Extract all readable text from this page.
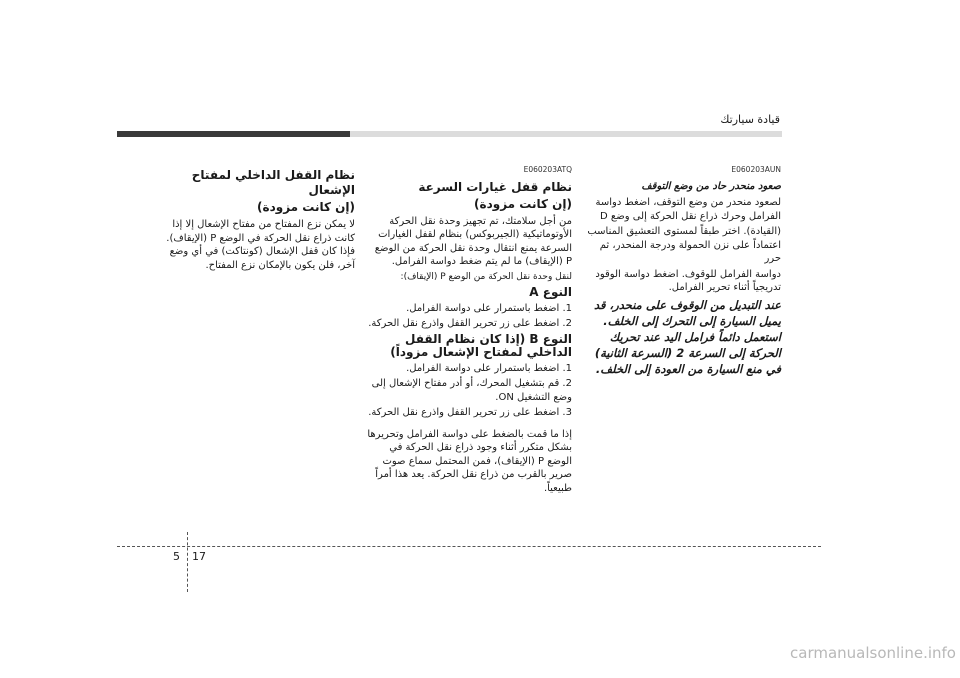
قيادة سيارتك
E060203AUN
صعود منحدر حاد من وضع التوقف

لصعود منحدر من وضع التوقف، اضغط دواسة الفرامل وحرك ذراع نقل الحركة إلى وضع D

(القيادة). اختر طبقاً لمستوى التعشيق المناسب اعتماداً على نزن الحمولة ودرجة المنحدر، ثم حرر

دواسة الفرامل للوقوف. اضغط دواسة الوقود تدريجياً أثناء تحرير الفرامل.

عند التبديل من الوقوف على منحدر، قد يميل السيارة إلى التحرك إلى الخلف. استعمل دائماً فرامل اليد عند تحريك الحركة إلى السرعة 2 (السرعة الثانية) في منع السيارة من العودة إلى الخلف.
E060203ATQ
نظام قفل غيارات السرعة
(إن كانت مزودة)

من أجل سلامتك، تم تجهيز وحدة نقل الحركة الأوتوماتيكية (الجيربوكس) بنظام لقفل الغيارات السرعة يمنع انتقال وحدة نقل الحركة من الوضع P (الإيقاف) ما لم يتم ضغط دواسة الفرامل.

لنقل وحدة نقل الحركة من الوضع P (الإيقاف):

النوع A

1. اضغط باستمرار على دواسة الفرامل.

2. اضغط على زر تحرير القفل واذرع نقل الحركة.

النوع B (إذا كان نظام القفل الداخلي لمفتاح الإشعال مزوداً)

1. اضغط باستمرار على دواسة الفرامل.

2. قم بتشغيل المحرك، أو أدر مفتاح الإشعال إلى وضع التشغيل ON.

3. اضغط على زر تحرير القفل واذرع نقل الحركة.

إذا ما قمت بالضغط على دواسة الفرامل وتحريرها بشكل متكرر أثناء وجود ذراع نقل الحركة في الوضع P (الإيقاف)، فمن المحتمل سماع صوت صرير بالقرب من ذراع نقل الحركة. يعد هذا أمراً طبيعياً.

نظام القفل الداخلي لمفتاح الإشعال
(إن كانت مزودة)

لا يمكن نزع المفتاح من مفتاح الإشعال إلا إذا كانت ذراع نقل الحركة في الوضع P (الإيقاف). فإذا كان قفل الإشعال (كونتاكت) في أي وضع آخر، فلن يكون بالإمكان نزع المفتاح.

5 17
carmanualsonline.info
